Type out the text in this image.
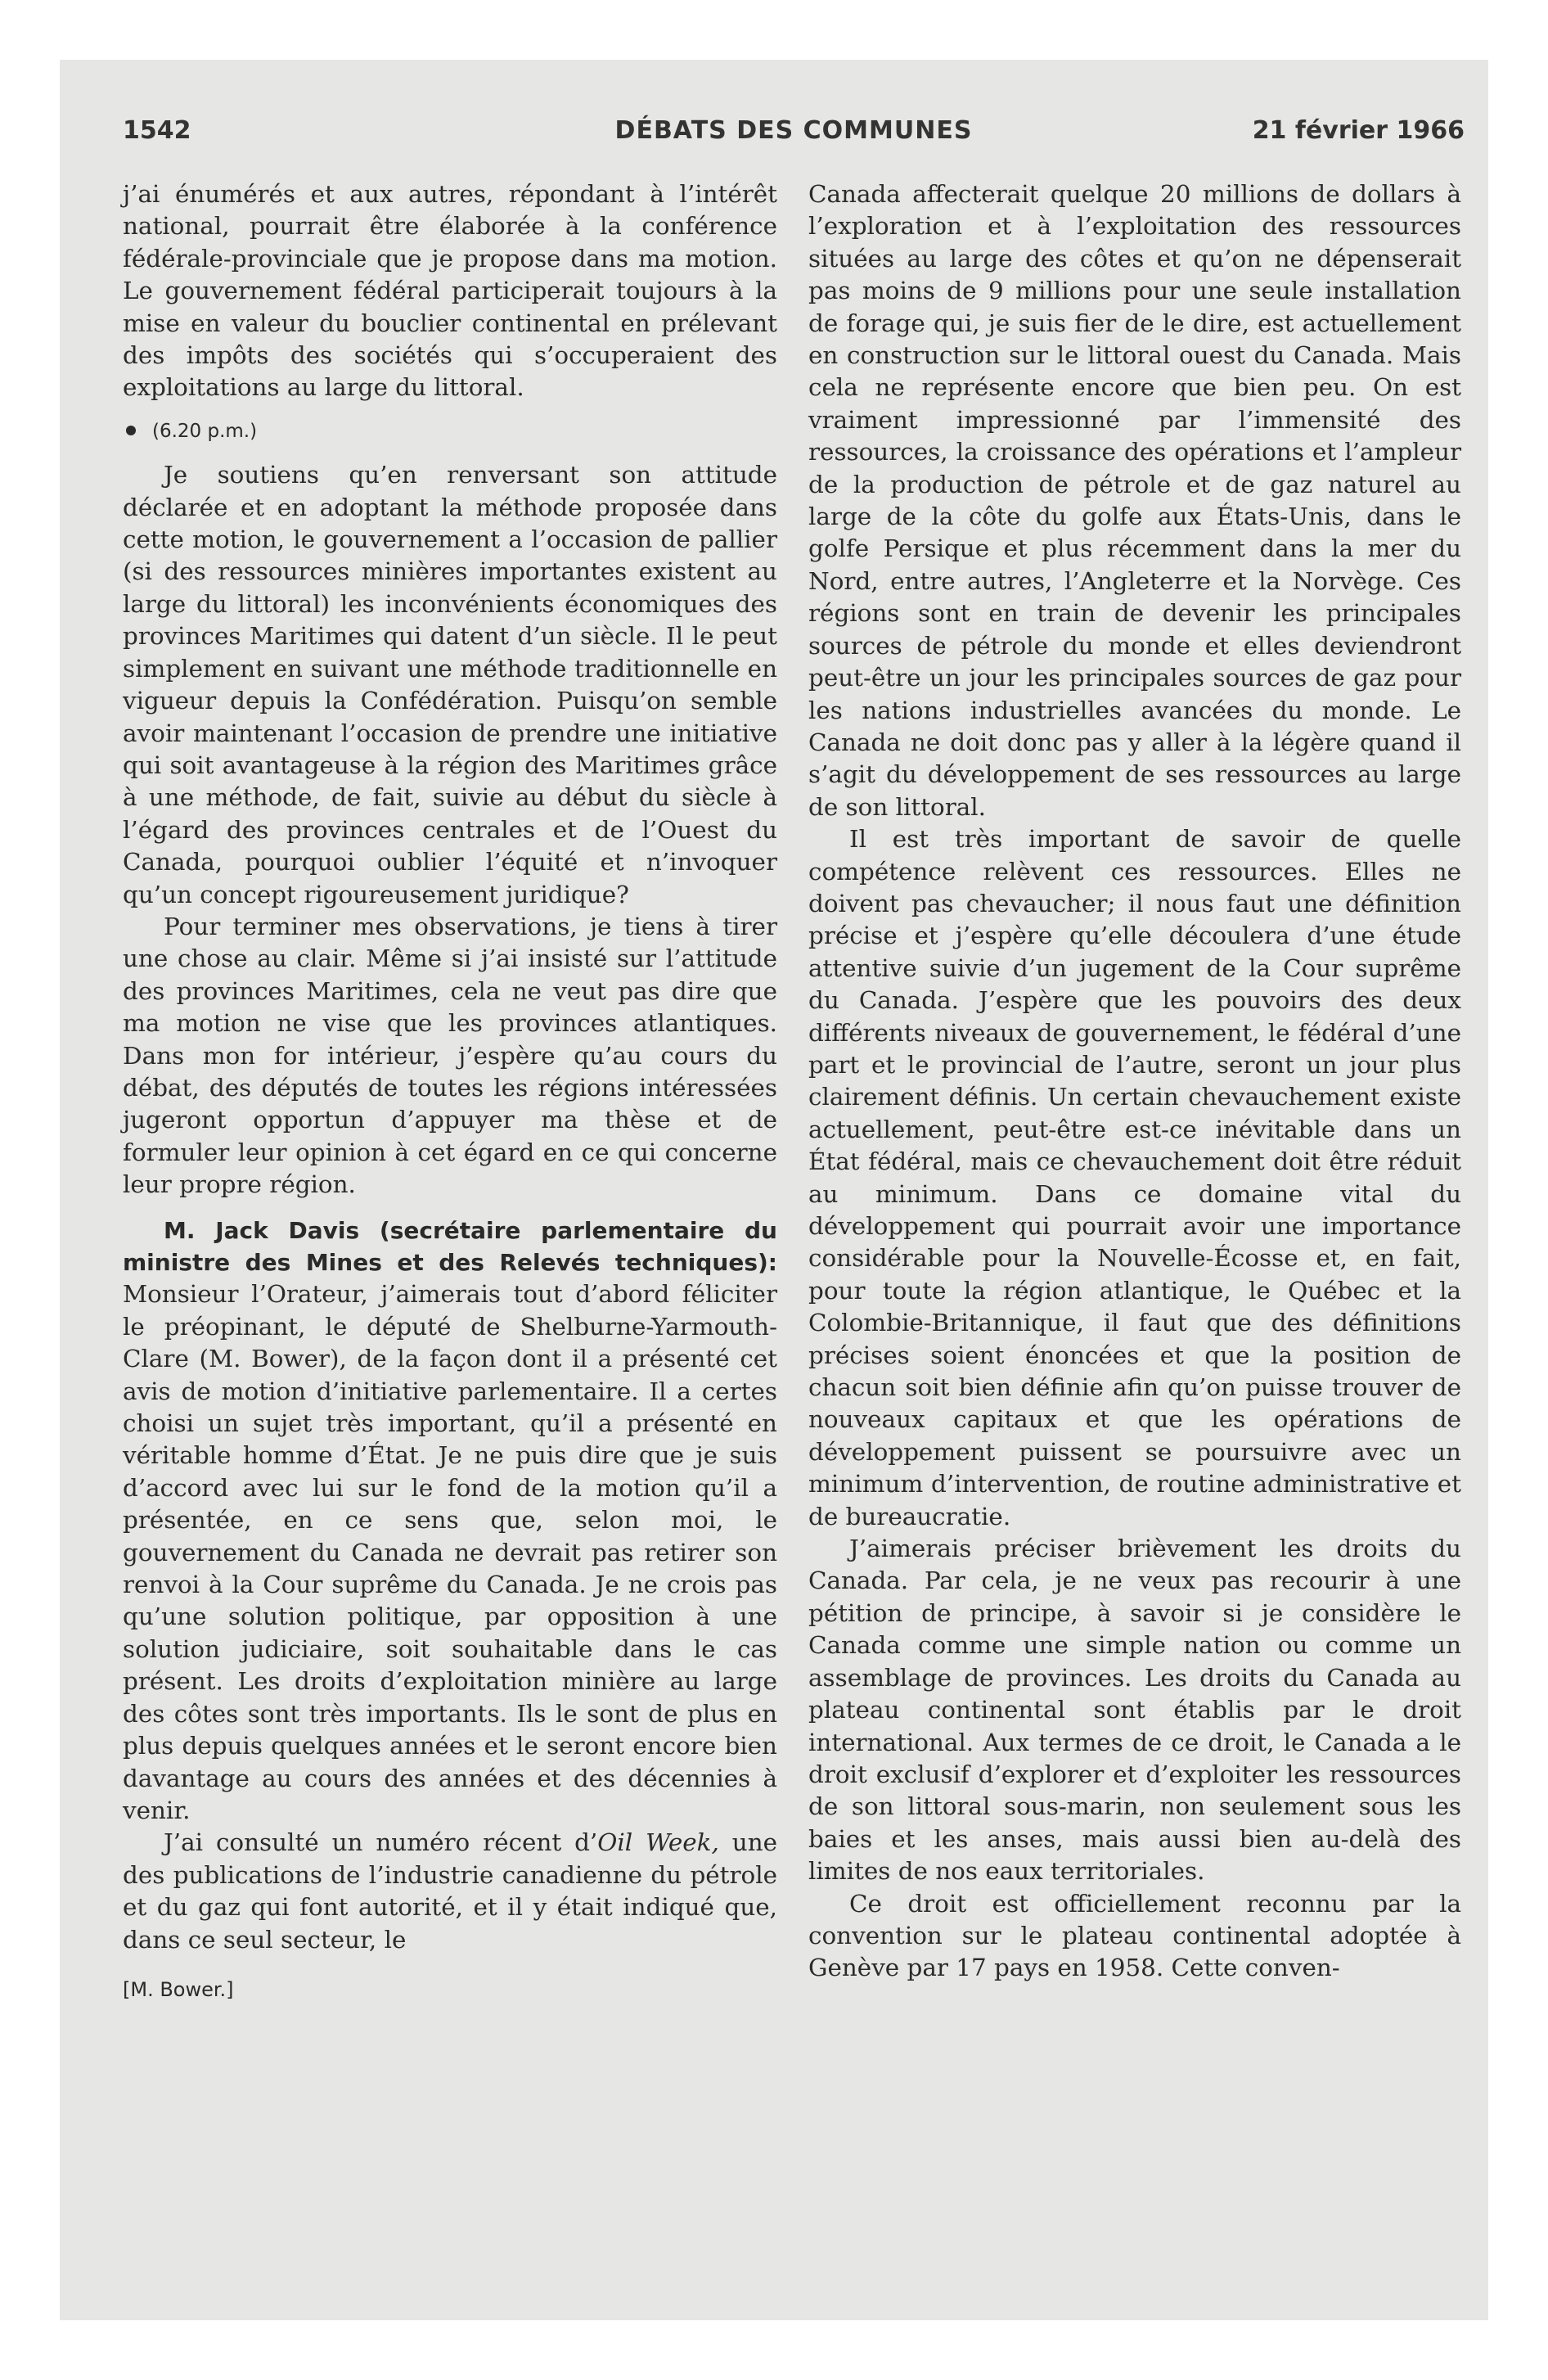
1542	DÉBATS DES COMMUNES	21 février 1966

j’ai énumérés et aux autres, répondant à l’intérêt national, pourrait être élaborée à la conférence fédérale-provinciale que je propose dans ma motion. Le gouvernement fédéral participerait toujours à la mise en valeur du bouclier continental en prélevant des impôts des sociétés qui s’occuperaient des exploitations au large du littoral.

(6.20 p.m.)

Je soutiens qu’en renversant son attitude déclarée et en adoptant la méthode proposée dans cette motion, le gouvernement a l’occasion de pallier (si des ressources minières importantes existent au large du littoral) les inconvénients économiques des provinces Maritimes qui datent d’un siècle. Il le peut simplement en suivant une méthode traditionnelle en vigueur depuis la Confédération. Puisqu’on semble avoir maintenant l’occasion de prendre une initiative qui soit avantageuse à la région des Maritimes grâce à une méthode, de fait, suivie au début du siècle à l’égard des provinces centrales et de l’Ouest du Canada, pourquoi oublier l’équité et n’invoquer qu’un concept rigoureusement juridique?

Pour terminer mes observations, je tiens à tirer une chose au clair. Même si j’ai insisté sur l’attitude des provinces Maritimes, cela ne veut pas dire que ma motion ne vise que les provinces atlantiques. Dans mon for intérieur, j’espère qu’au cours du débat, des députés de toutes les régions intéressées jugeront opportun d’appuyer ma thèse et de formuler leur opinion à cet égard en ce qui concerne leur propre région.

M. Jack Davis (secrétaire parlementaire du ministre des Mines et des Relevés techniques): Monsieur l’Orateur, j’aimerais tout d’abord féliciter le préopinant, le député de Shelburne-Yarmouth-Clare (M. Bower), de la façon dont il a présenté cet avis de motion d’initiative parlementaire. Il a certes choisi un sujet très important, qu’il a présenté en véritable homme d’État. Je ne puis dire que je suis d’accord avec lui sur le fond de la motion qu’il a présentée, en ce sens que, selon moi, le gouvernement du Canada ne devrait pas retirer son renvoi à la Cour suprême du Canada. Je ne crois pas qu’une solution politique, par opposition à une solution judiciaire, soit souhaitable dans le cas présent. Les droits d’exploitation minière au large des côtes sont très importants. Ils le sont de plus en plus depuis quelques années et le seront encore bien davantage au cours des années et des décennies à venir.

J’ai consulté un numéro récent d’Oil Week, une des publications de l’industrie canadienne du pétrole et du gaz qui font autorité, et il y était indiqué que, dans ce seul secteur, le

[M. Bower.]

Canada affecterait quelque 20 millions de dollars à l’exploration et à l’exploitation des ressources situées au large des côtes et qu’on ne dépenserait pas moins de 9 millions pour une seule installation de forage qui, je suis fier de le dire, est actuellement en construction sur le littoral ouest du Canada. Mais cela ne représente encore que bien peu. On est vraiment impressionné par l’immensité des ressources, la croissance des opérations et l’ampleur de la production de pétrole et de gaz naturel au large de la côte du golfe aux États-Unis, dans le golfe Persique et plus récemment dans la mer du Nord, entre autres, l’Angleterre et la Norvège. Ces régions sont en train de devenir les principales sources de pétrole du monde et elles deviendront peut-être un jour les principales sources de gaz pour les nations industrielles avancées du monde. Le Canada ne doit donc pas y aller à la légère quand il s’agit du développement de ses ressources au large de son littoral.

Il est très important de savoir de quelle compétence relèvent ces ressources. Elles ne doivent pas chevaucher; il nous faut une définition précise et j’espère qu’elle découlera d’une étude attentive suivie d’un jugement de la Cour suprême du Canada. J’espère que les pouvoirs des deux différents niveaux de gouvernement, le fédéral d’une part et le provincial de l’autre, seront un jour plus clairement définis. Un certain chevauchement existe actuellement, peut-être est-ce inévitable dans un État fédéral, mais ce chevauchement doit être réduit au minimum. Dans ce domaine vital du développement qui pourrait avoir une importance considérable pour la Nouvelle-Écosse et, en fait, pour toute la région atlantique, le Québec et la Colombie-Britannique, il faut que des définitions précises soient énoncées et que la position de chacun soit bien définie afin qu’on puisse trouver de nouveaux capitaux et que les opérations de développement puissent se poursuivre avec un minimum d’intervention, de routine administrative et de bureaucratie.

J’aimerais préciser brièvement les droits du Canada. Par cela, je ne veux pas recourir à une pétition de principe, à savoir si je considère le Canada comme une simple nation ou comme un assemblage de provinces. Les droits du Canada au plateau continental sont établis par le droit international. Aux termes de ce droit, le Canada a le droit exclusif d’explorer et d’exploiter les ressources de son littoral sous-marin, non seulement sous les baies et les anses, mais aussi bien au-delà des limites de nos eaux territoriales.

Ce droit est officiellement reconnu par la convention sur le plateau continental adoptée à Genève par 17 pays en 1958. Cette conven-
